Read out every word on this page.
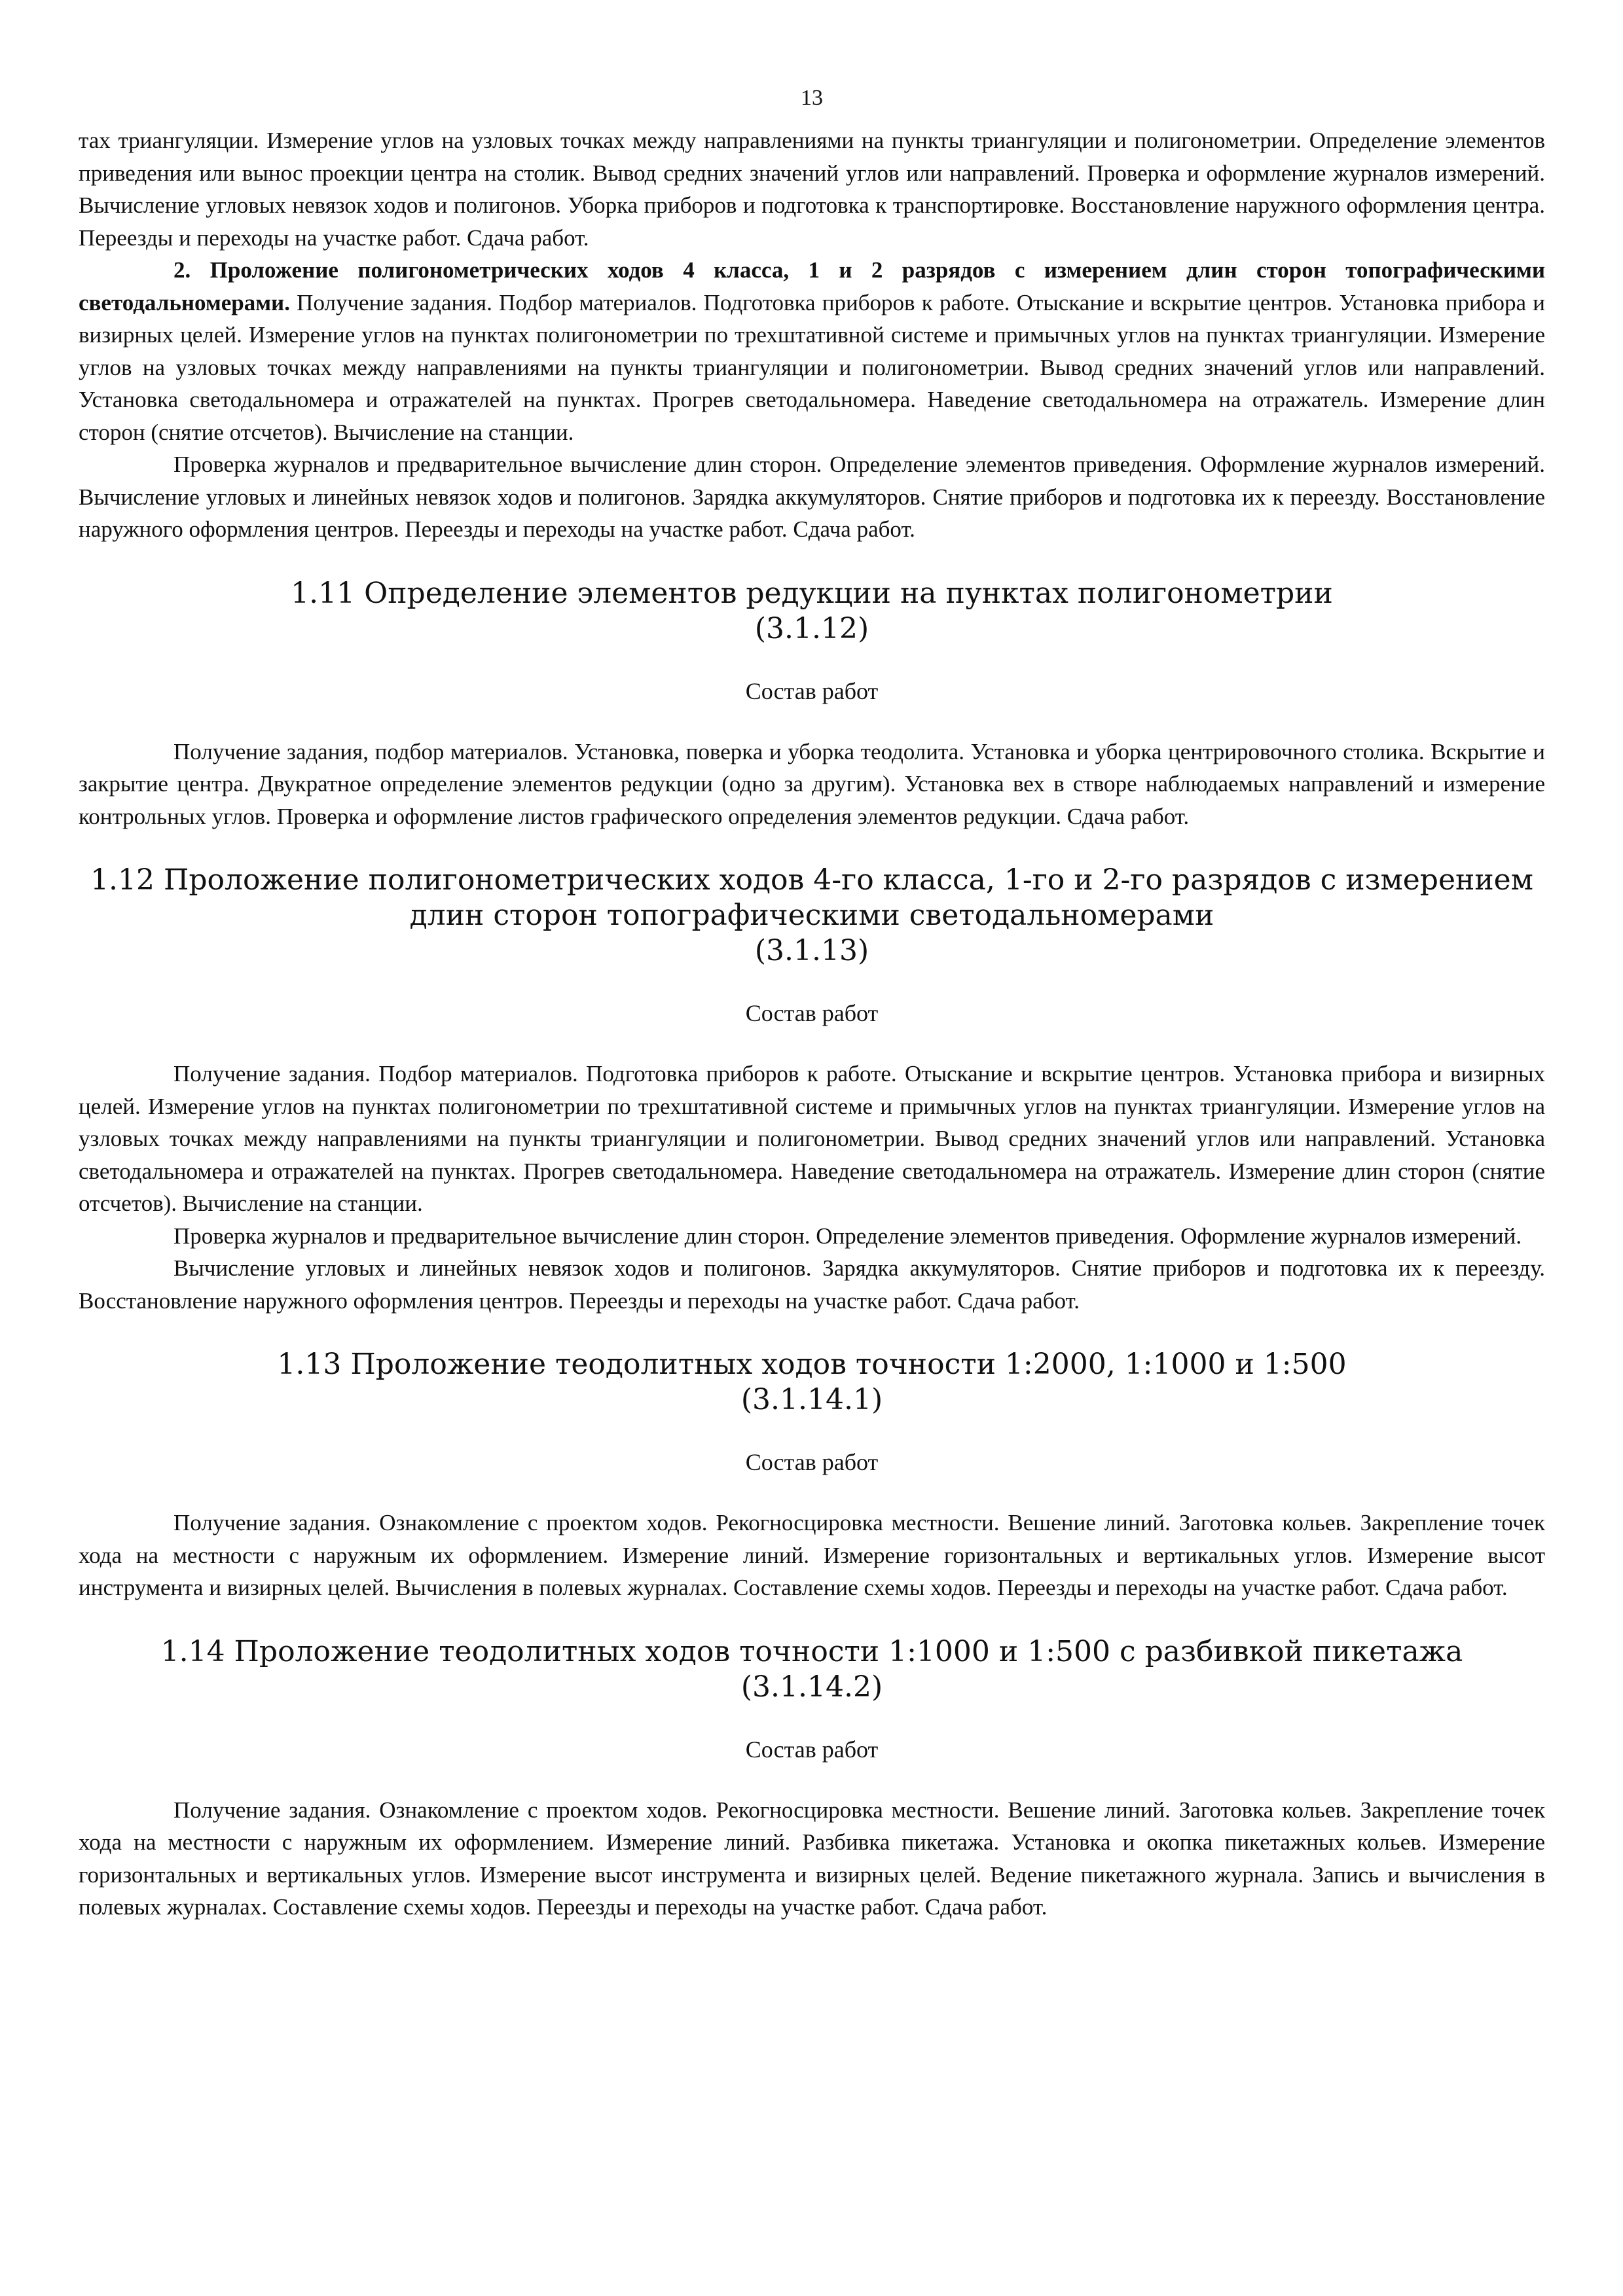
13

тах триангуляции. Измерение углов на узловых точках между направлениями на пункты триангуляции и полигонометрии. Определение элементов приведения или вынос проекции центра на столик. Вывод средних значений углов или направлений. Проверка и оформление журналов измерений. Вычисление угловых невязок ходов и полигонов. Уборка приборов и подготовка к транспортировке. Восстановление наружного оформления центра. Переезды и переходы на участке работ. Сдача работ.

2. Проложение полигонометрических ходов 4 класса, 1 и 2 разрядов с измерением длин сторон топографическими светодальномерами. Получение задания. Подбор материалов. Подготовка приборов к работе. Отыскание и вскрытие центров. Установка прибора и визирных целей. Измерение углов на пунктах полигонометрии по трехштативной системе и примычных углов на пунктах триангуляции. Измерение углов на узловых точках между направлениями на пункты триангуляции и полигонометрии. Вывод средних значений углов или направлений. Установка светодальномера и отражателей на пунктах. Прогрев светодальномера. Наведение светодальномера на отражатель. Измерение длин сторон (снятие отсчетов). Вычисление на станции.

Проверка журналов и предварительное вычисление длин сторон. Определение элементов приведения. Оформление журналов измерений. Вычисление угловых и линейных невязок ходов и полигонов. Зарядка аккумуляторов. Снятие приборов и подготовка их к переезду. Восстановление наружного оформления центров. Переезды и переходы на участке работ. Сдача работ.

1.11 Определение элементов редукции на пунктах полигонометрии
(3.1.12)
Состав работ

Получение задания, подбор материалов. Установка, поверка и уборка теодолита. Установка и уборка центрировочного столика. Вскрытие и закрытие центра. Двукратное определение элементов редукции (одно за другим). Установка вех в створе наблюдаемых направлений и измерение контрольных углов. Проверка и оформление листов графического определения элементов редукции. Сдача работ.

1.12 Проложение полигонометрических ходов 4-го класса, 1-го и 2-го разрядов с измерением длин сторон топографическими светодальномерами
(3.1.13)
Состав работ

Получение задания. Подбор материалов. Подготовка приборов к работе. Отыскание и вскрытие центров. Установка прибора и визирных целей. Измерение углов на пунктах полигонометрии по трехштативной системе и примычных углов на пунктах триангуляции. Измерение углов на узловых точках между направлениями на пункты триангуляции и полигонометрии. Вывод средних значений углов или направлений. Установка светодальномера и отражателей на пунктах. Прогрев светодальномера. Наведение светодальномера на отражатель. Измерение длин сторон (снятие отсчетов). Вычисление на станции.

Проверка журналов и предварительное вычисление длин сторон. Определение элементов приведения. Оформление журналов измерений.

Вычисление угловых и линейных невязок ходов и полигонов. Зарядка аккумуляторов. Снятие приборов и подготовка их к переезду. Восстановление наружного оформления центров. Переезды и переходы на участке работ. Сдача работ.

1.13 Проложение теодолитных ходов точности 1:2000, 1:1000 и 1:500
(3.1.14.1)
Состав работ

Получение задания. Ознакомление с проектом ходов. Рекогносцировка местности. Вешение линий. Заготовка кольев. Закрепление точек хода на местности с наружным их оформлением. Измерение линий. Измерение горизонтальных и вертикальных углов. Измерение высот инструмента и визирных целей. Вычисления в полевых журналах. Составление схемы ходов. Переезды и переходы на участке работ. Сдача работ.

1.14 Проложение теодолитных ходов точности 1:1000 и 1:500 с разбивкой пикетажа
(3.1.14.2)
Состав работ

Получение задания. Ознакомление с проектом ходов. Рекогносцировка местности. Вешение линий. Заготовка кольев. Закрепление точек хода на местности с наружным их оформлением. Измерение линий. Разбивка пикетажа. Установка и окопка пикетажных кольев. Измерение горизонтальных и вертикальных углов. Измерение высот инструмента и визирных целей. Ведение пикетажного журнала. Запись и вычисления в полевых журналах. Составление схемы ходов. Переезды и переходы на участке работ. Сдача работ.
